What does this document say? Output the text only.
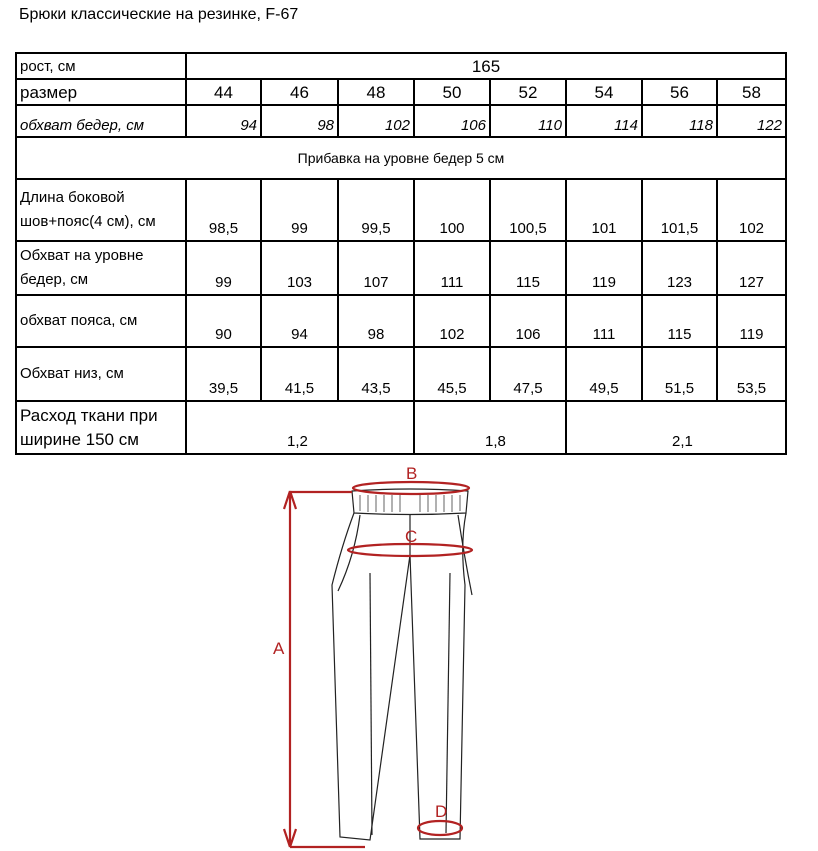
Брюки классические на резинке, F-67
рост, см	165							
размер	44	46	48	50	52	54	56	58
обхват бедер, см	94	98	102	106	110	114	118	122
Прибавка на уровне бедер 5 см								
Длина боковой шов+пояс(4 см), см	98,5	99	99,5	100	100,5	101	101,5	102
Обхват на уровне бедер, см	99	103	107	111	115	119	123	127
обхват пояса, см	90	94	98	102	106	111	115	119
Обхват низ, см	39,5	41,5	43,5	45,5	47,5	49,5	51,5	53,5
Расход ткани при ширине 150 см	1,2			1,8		2,1		
B
C
D
A
